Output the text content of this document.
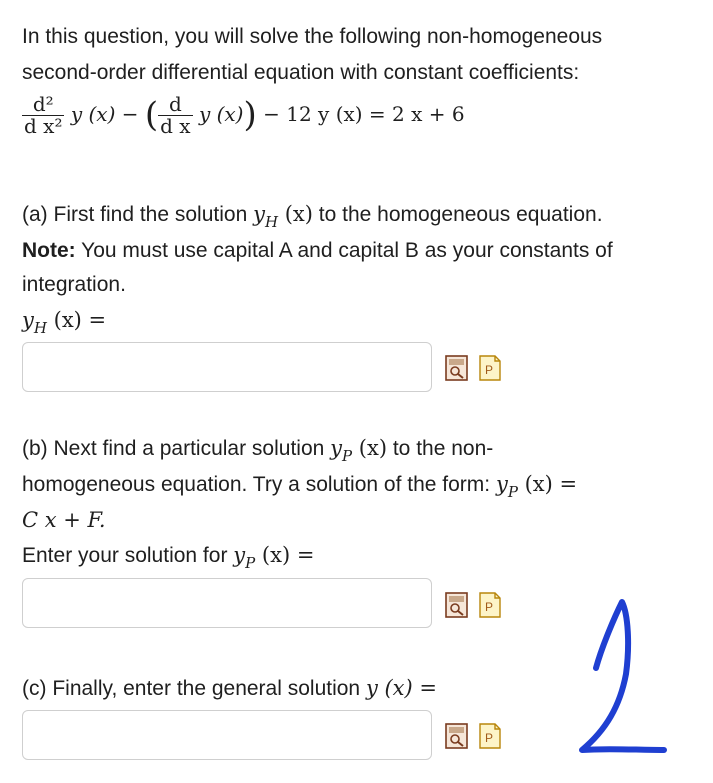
In this question, you will solve the following non-homogeneous
second-order differential equation with constant coefficients:
$\frac{\text{d²}}{\text{d x²}}$ y (x) − ( $\frac{d}{\text{d x}}$ y (x)) − 12 y (x) = 2 x + 6
(a) First find the solution $y_H$ (x) to the homogeneous equation.
Note: You must use capital A and capital B as your constants of
integration.
$y_H$ (x) =
(b) Next find a particular solution $y_P$ (x) to the non-
homogeneous equation. Try a solution of the form: $y_P$ (x) =
C x + F.
Enter your solution for $y_P$ (x) =
(c) Finally, enter the general solution y (x) =
P
P
P
